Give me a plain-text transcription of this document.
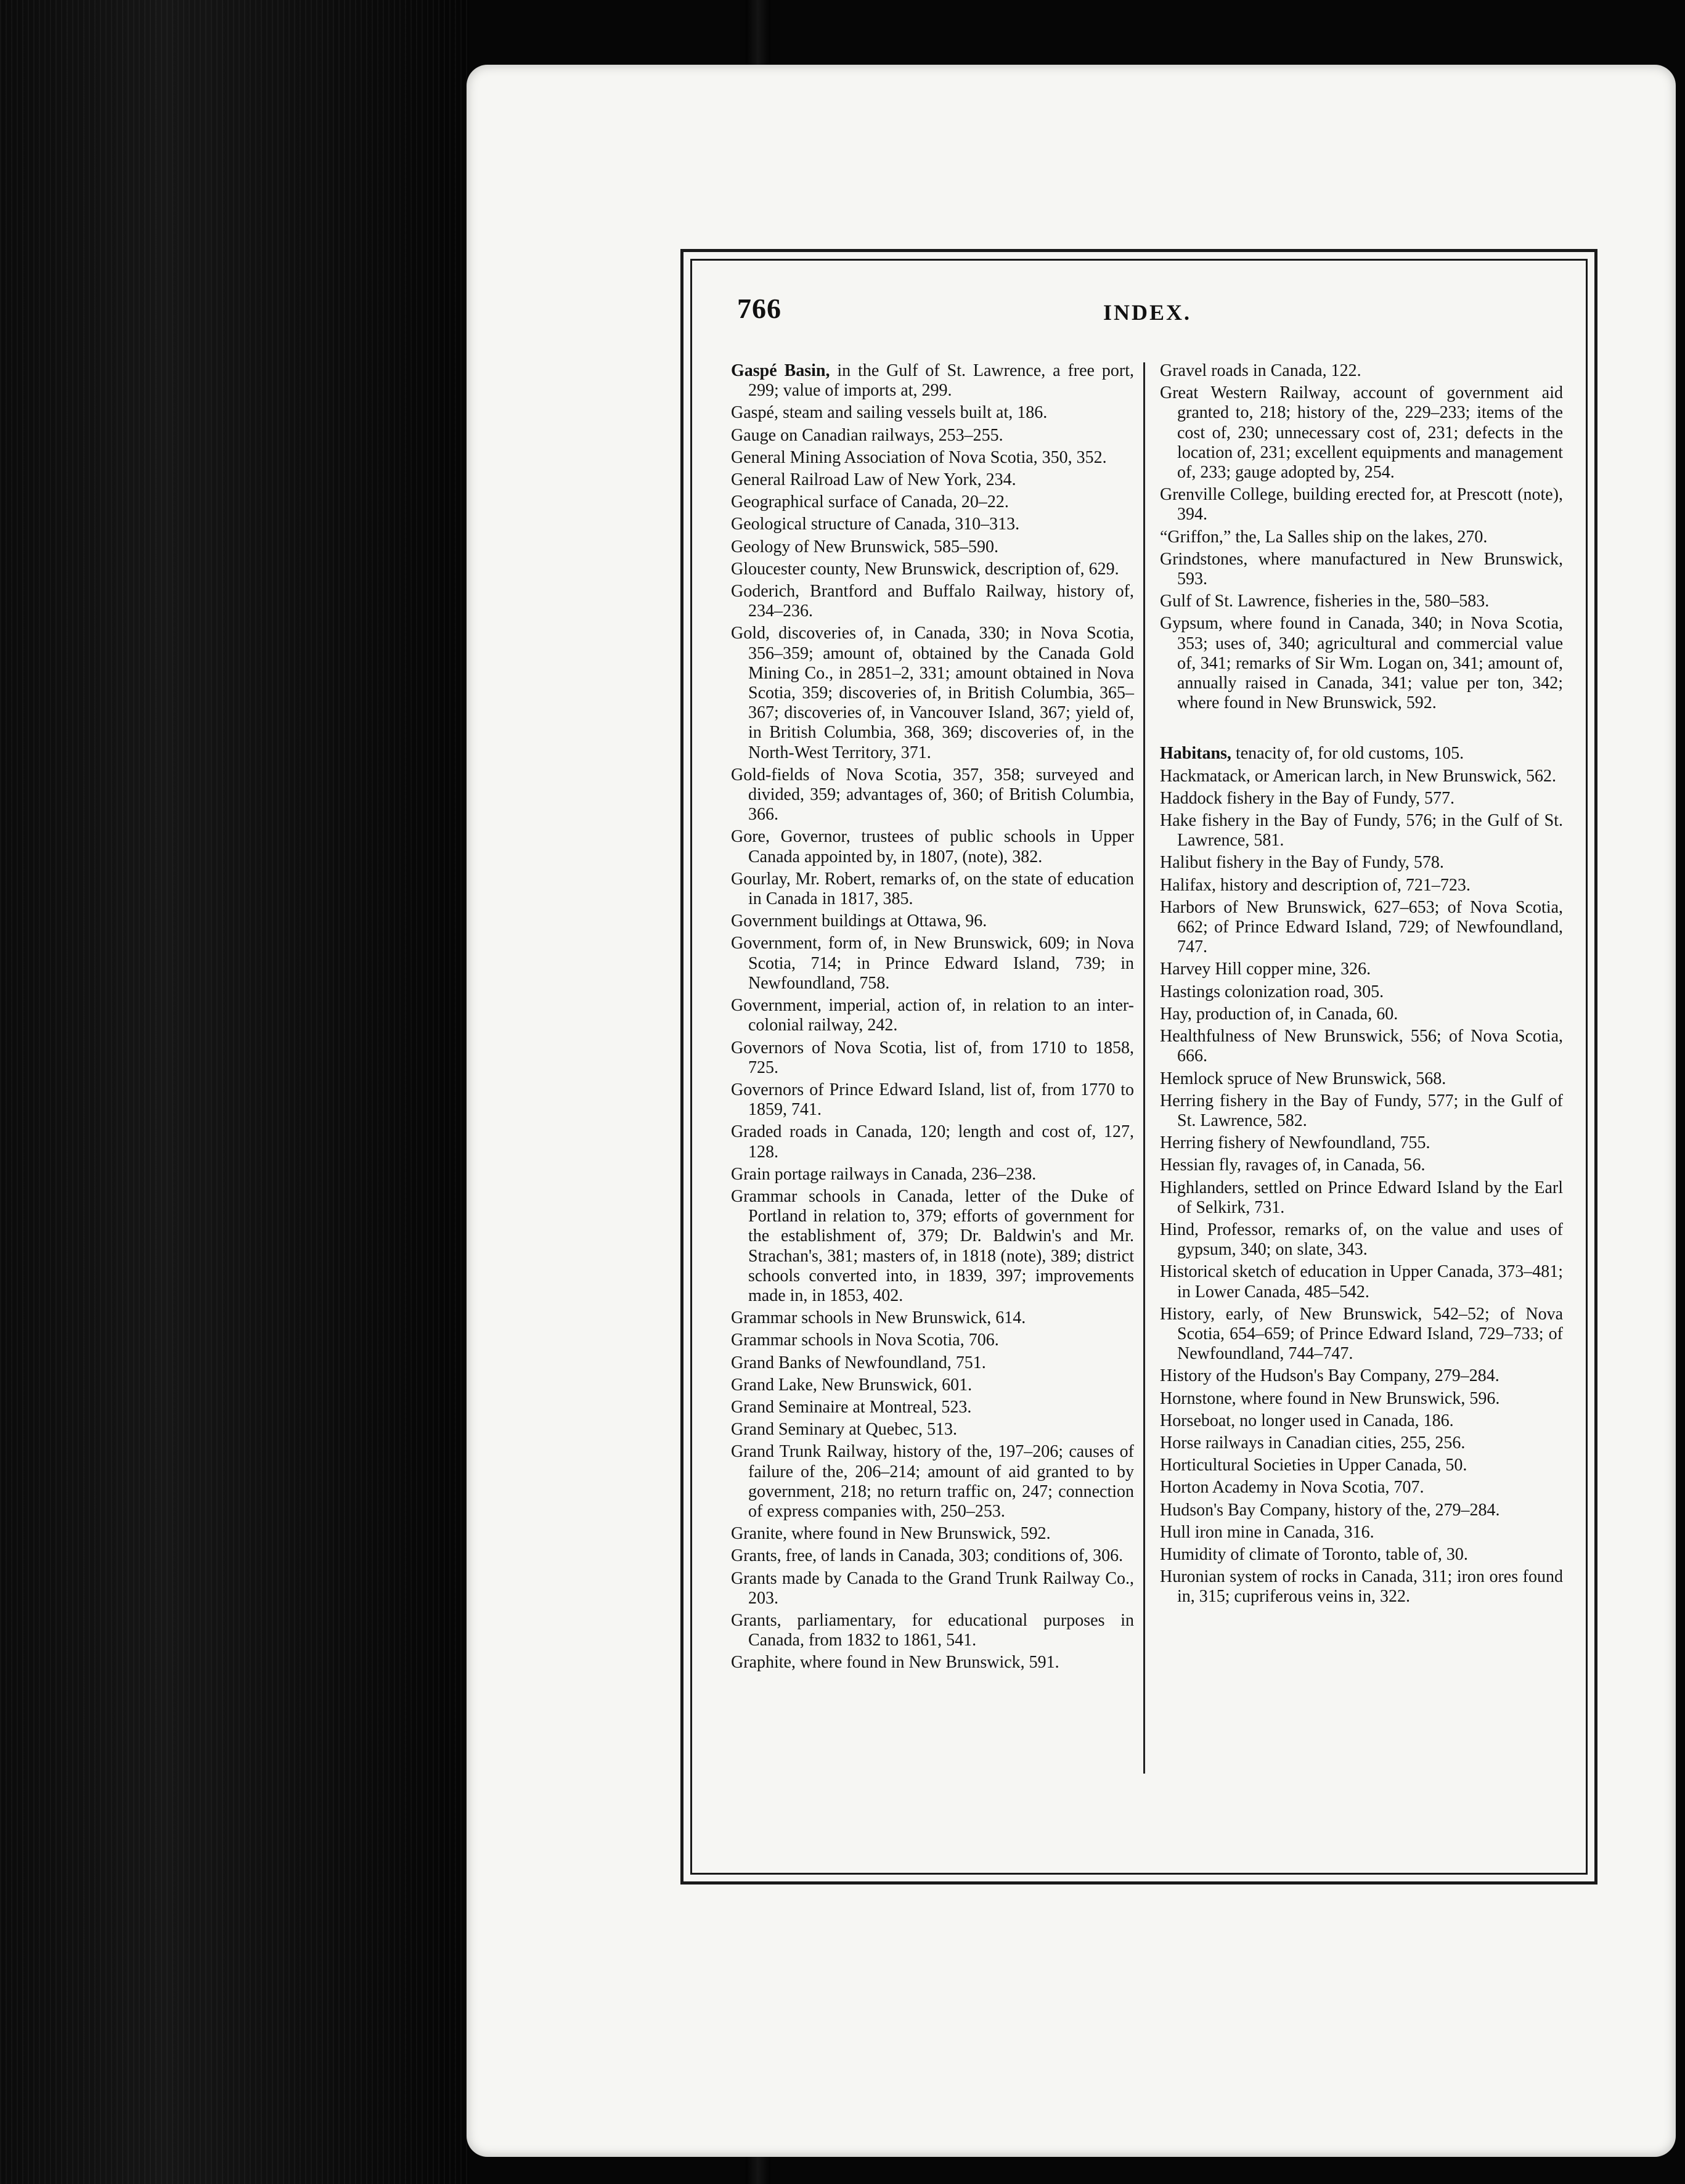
766	INDEX.

Gaspé Basin, in the Gulf of St. Lawrence, a free port, 299; value of imports at, 299.

Gaspé, steam and sailing vessels built at, 186.

Gauge on Canadian railways, 253–255.

General Mining Association of Nova Scotia, 350, 352.

General Railroad Law of New York, 234.

Geographical surface of Canada, 20–22.

Geological structure of Canada, 310–313.

Geology of New Brunswick, 585–590.

Gloucester county, New Brunswick, description of, 629.

Goderich, Brantford and Buffalo Railway, history of, 234–236.

Gold, discoveries of, in Canada, 330; in Nova Scotia, 356–359; amount of, obtained by the Canada Gold Mining Co., in 2851–2, 331; amount obtained in Nova Scotia, 359; discoveries of, in British Columbia, 365–367; discoveries of, in Vancouver Island, 367; yield of, in British Columbia, 368, 369; discoveries of, in the North-West Territory, 371.

Gold-fields of Nova Scotia, 357, 358; surveyed and divided, 359; advantages of, 360; of British Columbia, 366.

Gore, Governor, trustees of public schools in Upper Canada appointed by, in 1807, (note), 382.

Gourlay, Mr. Robert, remarks of, on the state of education in Canada in 1817, 385.

Government buildings at Ottawa, 96.

Government, form of, in New Brunswick, 609; in Nova Scotia, 714; in Prince Edward Island, 739; in Newfoundland, 758.

Government, imperial, action of, in relation to an inter-colonial railway, 242.

Governors of Nova Scotia, list of, from 1710 to 1858, 725.

Governors of Prince Edward Island, list of, from 1770 to 1859, 741.

Graded roads in Canada, 120; length and cost of, 127, 128.

Grain portage railways in Canada, 236–238.

Grammar schools in Canada, letter of the Duke of Portland in relation to, 379; efforts of government for the establishment of, 379; Dr. Baldwin's and Mr. Strachan's, 381; masters of, in 1818 (note), 389; district schools converted into, in 1839, 397; improvements made in, in 1853, 402.

Grammar schools in New Brunswick, 614.

Grammar schools in Nova Scotia, 706.

Grand Banks of Newfoundland, 751.

Grand Lake, New Brunswick, 601.

Grand Seminaire at Montreal, 523.

Grand Seminary at Quebec, 513.

Grand Trunk Railway, history of the, 197–206; causes of failure of the, 206–214; amount of aid granted to by government, 218; no return traffic on, 247; connection of express companies with, 250–253.

Granite, where found in New Brunswick, 592.

Grants, free, of lands in Canada, 303; conditions of, 306.

Grants made by Canada to the Grand Trunk Railway Co., 203.

Grants, parliamentary, for educational purposes in Canada, from 1832 to 1861, 541.

Graphite, where found in New Brunswick, 591.

Gravel roads in Canada, 122.

Great Western Railway, account of government aid granted to, 218; history of the, 229–233; items of the cost of, 230; unnecessary cost of, 231; defects in the location of, 231; excellent equipments and management of, 233; gauge adopted by, 254.

Grenville College, building erected for, at Prescott (note), 394.

“Griffon,” the, La Salles ship on the lakes, 270.

Grindstones, where manufactured in New Brunswick, 593.

Gulf of St. Lawrence, fisheries in the, 580–583.

Gypsum, where found in Canada, 340; in Nova Scotia, 353; uses of, 340; agricultural and commercial value of, 341; remarks of Sir Wm. Logan on, 341; amount of, annually raised in Canada, 341; value per ton, 342; where found in New Brunswick, 592.

Habitans, tenacity of, for old customs, 105.

Hackmatack, or American larch, in New Brunswick, 562.

Haddock fishery in the Bay of Fundy, 577.

Hake fishery in the Bay of Fundy, 576; in the Gulf of St. Lawrence, 581.

Halibut fishery in the Bay of Fundy, 578.

Halifax, history and description of, 721–723.

Harbors of New Brunswick, 627–653; of Nova Scotia, 662; of Prince Edward Island, 729; of Newfoundland, 747.

Harvey Hill copper mine, 326.

Hastings colonization road, 305.

Hay, production of, in Canada, 60.

Healthfulness of New Brunswick, 556; of Nova Scotia, 666.

Hemlock spruce of New Brunswick, 568.

Herring fishery in the Bay of Fundy, 577; in the Gulf of St. Lawrence, 582.

Herring fishery of Newfoundland, 755.

Hessian fly, ravages of, in Canada, 56.

Highlanders, settled on Prince Edward Island by the Earl of Selkirk, 731.

Hind, Professor, remarks of, on the value and uses of gypsum, 340; on slate, 343.

Historical sketch of education in Upper Canada, 373–481; in Lower Canada, 485–542.

History, early, of New Brunswick, 542–52; of Nova Scotia, 654–659; of Prince Edward Island, 729–733; of Newfoundland, 744–747.

History of the Hudson's Bay Company, 279–284.

Hornstone, where found in New Brunswick, 596.

Horseboat, no longer used in Canada, 186.

Horse railways in Canadian cities, 255, 256.

Horticultural Societies in Upper Canada, 50.

Horton Academy in Nova Scotia, 707.

Hudson's Bay Company, history of the, 279–284.

Hull iron mine in Canada, 316.

Humidity of climate of Toronto, table of, 30.

Huronian system of rocks in Canada, 311; iron ores found in, 315; cupriferous veins in, 322.
